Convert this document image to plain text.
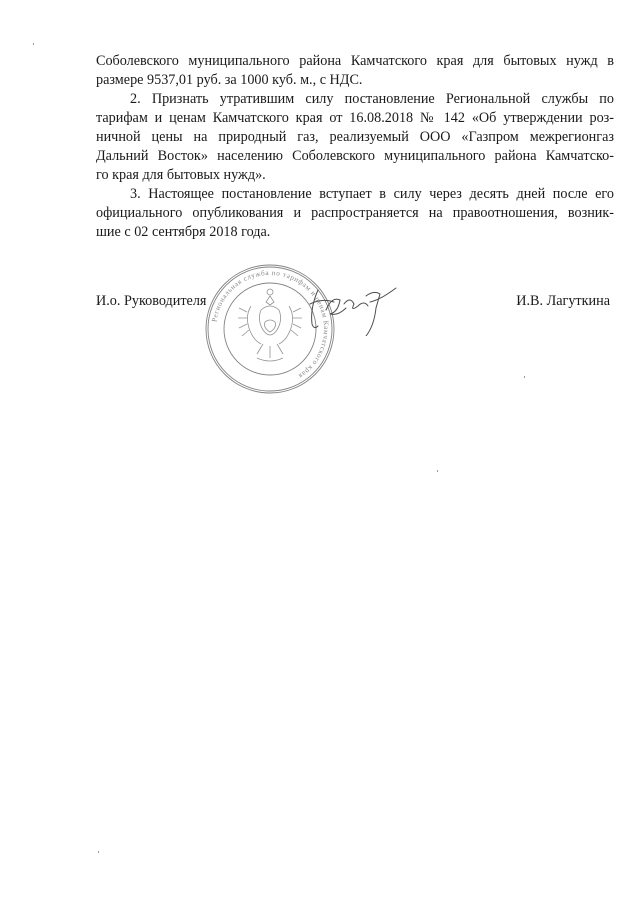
Соболевского муниципального района Камчатского края для бытовых нужд в
размере 9537,01 руб. за 1000 куб. м., с НДС.
2. Признать утратившим силу постановление Региональной службы по
тарифам и ценам Камчатского края от 16.08.2018 № 142 «Об утверждении роз-
ничной цены на природный газ, реализуемый ООО «Газпром межрегионгаз
Дальний Восток» населению Соболевского муниципального района Камчатско-
го края для бытовых нужд».
3. Настоящее постановление вступает в силу через десять дней после его
официального опубликования и распространяется на правоотношения, возник-
шие с 02 сентября 2018 года.
И.о. Руководителя	И.В. Лагуткина
Региональная служба по тарифам и ценам Камчатского края
